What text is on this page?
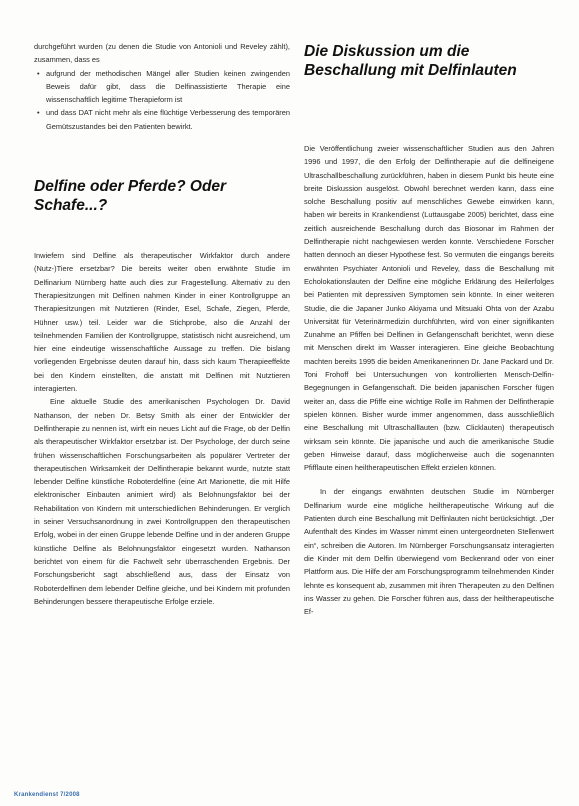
durchgeführt wurden (zu denen die Studie von Antonioli und Reveley zählt), zusammen, dass es

• aufgrund der methodischen Mängel aller Studien keinen zwingenden Beweis dafür gibt, dass die Delfinassistierte Therapie eine wissenschaftlich legitime Therapieform ist
• und dass DAT nicht mehr als eine flüchtige Verbesserung des temporären Gemütszustandes bei den Patienten bewirkt.
Delfine oder Pferde? Oder Schafe...?

Inwiefern sind Delfine als therapeutischer Wirkfaktor durch andere (Nutz-)Tiere ersetzbar? Die bereits weiter oben erwähnte Studie im Delfinarium Nürnberg hatte auch dies zur Fragestellung. Alternativ zu den Therapiesitzungen mit Delfinen nahmen Kinder in einer Kontrollgruppe an Therapiesitzungen mit Nutztieren (Rinder, Esel, Schafe, Ziegen, Pferde, Hühner usw.) teil. Leider war die Stichprobe, also die Anzahl der teilnehmenden Familien der Kontrollgruppe, statistisch nicht ausreichend, um hier eine eindeutige wissenschaftliche Aussage zu treffen. Die bislang vorliegenden Ergebnisse deuten darauf hin, dass sich kaum Therapieeffekte bei den Kindern einstellten, die anstatt mit Delfinen mit Nutztieren interagierten.

Eine aktuelle Studie des amerikanischen Psychologen Dr. David Nathanson, der neben Dr. Betsy Smith als einer der Entwickler der Delfintherapie zu nennen ist, wirft ein neues Licht auf die Frage, ob der Delfin als therapeutischer Wirkfaktor ersetzbar ist. Der Psychologe, der durch seine frühen wissenschaftlichen Forschungsarbeiten als populärer Vertreter der therapeutischen Wirksamkeit der Delfintherapie bekannt wurde, nutzte statt lebender Delfine künstliche Roboterdelfine (eine Art Marionette, die mit Hilfe elektronischer Einbauten animiert wird) als Belohnungsfaktor bei der Rehabilitation von Kindern mit unterschiedlichen Behinderungen. Er verglich in seiner Versuchsanordnung in zwei Kontrollgruppen den therapeutischen Erfolg, wobei in der einen Gruppe lebende Delfine und in der anderen Gruppe künstliche Delfine als Belohnungsfaktor eingesetzt wurden. Nathanson berichtet von einem für die Fachwelt sehr überraschenden Ergebnis. Der Forschungsbericht sagt abschließend aus, dass der Einsatz von Roboterdelfinen dem lebender Delfine gleiche, und bei Kindern mit profunden Behinderungen bessere therapeutische Erfolge erziele.

Die Diskussion um die Beschallung mit Delfinlauten

Die Veröffentlichung zweier wissenschaftlicher Studien aus den Jahren 1996 und 1997, die den Erfolg der Delfintherapie auf die delfineigene Ultraschallbeschallung zurückführen, haben in diesem Punkt bis heute eine breite Diskussion ausgelöst. Obwohl berechnet werden kann, dass eine solche Beschallung positiv auf menschliches Gewebe einwirken kann, haben wir bereits in Krankendienst (Luttausgabe 2005) berichtet, dass eine zeitlich ausreichende Beschallung durch das Biosonar im Rahmen der Delfintherapie nicht nachgewiesen werden konnte. Verschiedene Forscher hatten dennoch an dieser Hypothese fest. So vermuten die eingangs bereits erwähnten Psychiater Antonioli und Reveley, dass die Beschallung mit Echolokationslauten der Delfine eine mögliche Erklärung des Heilerfolges bei Patienten mit depressiven Symptomen sein könnte. In einer weiteren Studie, die die Japaner Junko Akiyama und Mitsuaki Ohta von der Azabu Universität für Veterinärmedizin durchführten, wird von einer signifikanten Zunahme an Pfiffen bei Delfinen in Gefangenschaft berichtet, wenn diese mit Menschen direkt im Wasser interagieren. Eine gleiche Beobachtung machten bereits 1995 die beiden Amerikanerinnen Dr. Jane Packard und Dr. Toni Frohoff bei Untersuchungen von kontrollierten Mensch-Delfin-Begegnungen in Gefangenschaft. Die beiden japanischen Forscher fügen weiter an, dass die Pfiffe eine wichtige Rolle im Rahmen der Delfintherapie spielen können. Bisher wurde immer angenommen, dass ausschließlich eine Beschallung mit Ultraschalllauten (bzw. Clicklauten) therapeutisch wirksam sein könnte. Die japanische und auch die amerikanische Studie geben Hinweise darauf, dass möglicherweise auch die sogenannten Pfifflaute einen heiltherapeutischen Effekt erzielen können.

In der eingangs erwähnten deutschen Studie im Nürnberger Delfinarium wurde eine mögliche heiltherapeutische Wirkung auf die Patienten durch eine Beschallung mit Delfinlauten nicht berücksichtigt. „Der Aufenthalt des Kindes im Wasser nimmt einen untergeordneten Stellenwert ein“, schreiben die Autoren. Im Nürnberger Forschungsansatz interagierten die Kinder mit dem Delfin überwiegend vom Beckenrand oder von einer Plattform aus. Die Hilfe der am Forschungsprogramm teilnehmenden Kinder lehnte es konsequent ab, zusammen mit ihren Therapeuten zu den Delfinen ins Wasser zu gehen. Die Forscher führen aus, dass der heiltherapeutische Ef-

Krankendienst 7/2008
